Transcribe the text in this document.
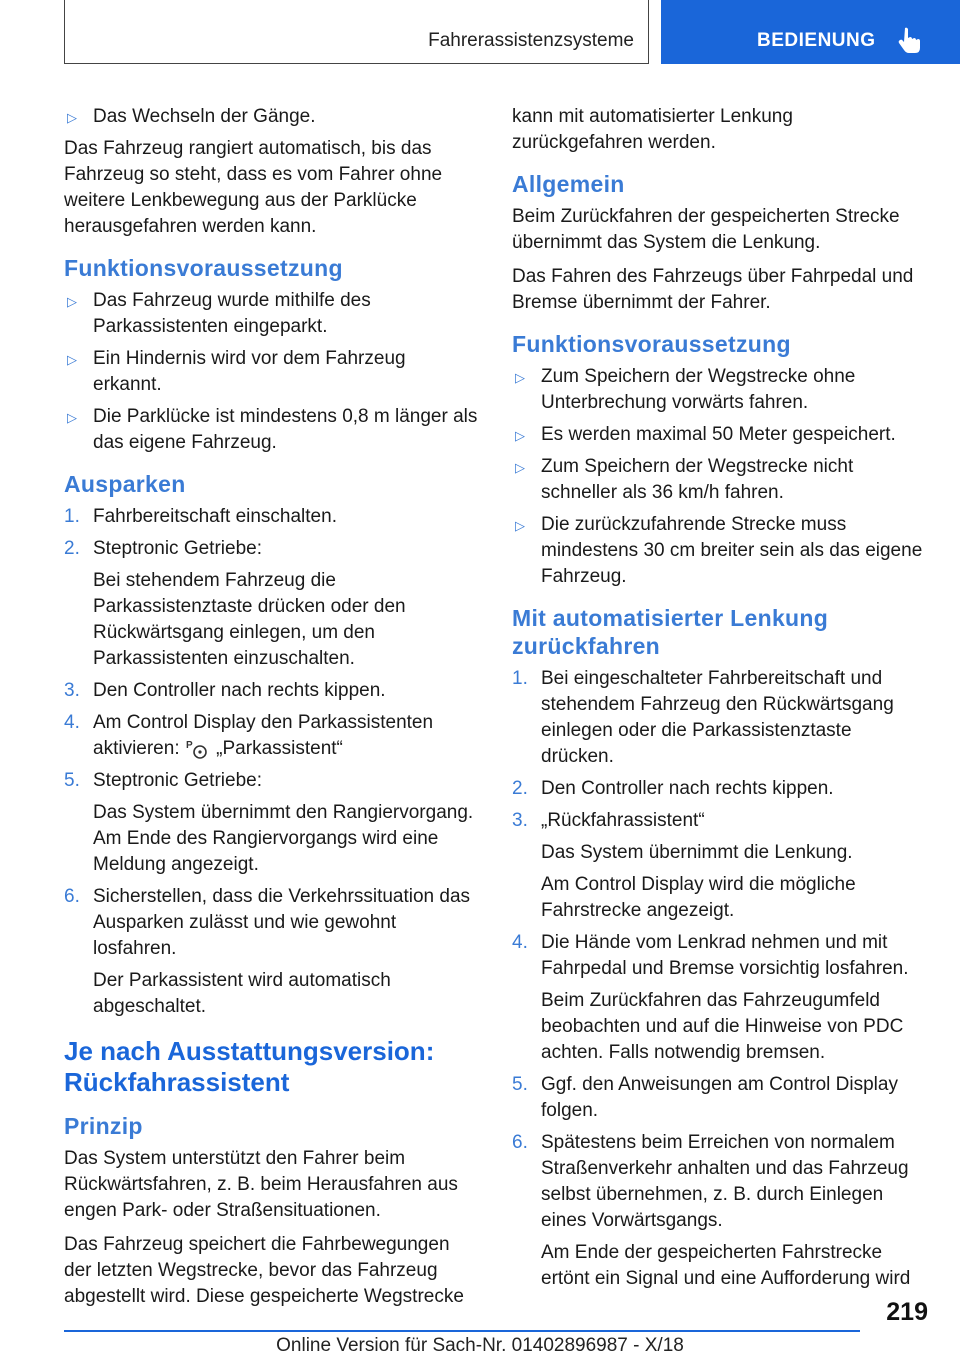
Fahrerassistenzsysteme	BEDIENUNG
▷ Das Wechseln der Gänge.

Das Fahrzeug rangiert automatisch, bis das Fahrzeug so steht, dass es vom Fahrer ohne weitere Lenkbewegung aus der Parklücke herausgefahren werden kann.

Funktionsvoraussetzung
▷ Das Fahrzeug wurde mithilfe des Parkassistenten eingeparkt.
▷ Ein Hindernis wird vor dem Fahrzeug erkannt.
▷ Die Parklücke ist mindestens 0,8 m länger als das eigene Fahrzeug.
Ausparken
1. Fahrbereitschaft einschalten.
2. Steptronic Getriebe:
Bei stehendem Fahrzeug die Parkassistenztaste drücken oder den Rückwärtsgang einlegen, um den Parkassistenten einzuschalten.
3. Den Controller nach rechts kippen.
4. Am Control Display den Parkassistenten aktivieren: P „Parkassistent“
5. Steptronic Getriebe:
Das System übernimmt den Rangiervorgang. Am Ende des Rangiervorgangs wird eine Meldung angezeigt.
6. Sicherstellen, dass die Verkehrssituation das Ausparken zulässt und wie gewohnt losfahren.
Der Parkassistent wird automatisch abgeschaltet.
Je nach Ausstattungsversion: Rückfahrassistent
Prinzip

Das System unterstützt den Fahrer beim Rückwärtsfahren, z. B. beim Herausfahren aus engen Park- oder Straßensituationen.

Das Fahrzeug speichert die Fahrbewegungen der letzten Wegstrecke, bevor das Fahrzeug abgestellt wird. Diese gespeicherte Wegstrecke

kann mit automatisierter Lenkung zurückgefahren werden.

Allgemein

Beim Zurückfahren der gespeicherten Strecke übernimmt das System die Lenkung.

Das Fahren des Fahrzeugs über Fahrpedal und Bremse übernimmt der Fahrer.

Funktionsvoraussetzung
▷ Zum Speichern der Wegstrecke ohne Unterbrechung vorwärts fahren.
▷ Es werden maximal 50 Meter gespeichert.
▷ Zum Speichern der Wegstrecke nicht schneller als 36 km/h fahren.
▷ Die zurückzufahrende Strecke muss mindestens 30 cm breiter sein als das eigene Fahrzeug.
Mit automatisierter Lenkung zurückfahren
1. Bei eingeschalteter Fahrbereitschaft und stehendem Fahrzeug den Rückwärtsgang einlegen oder die Parkassistenztaste drücken.
2. Den Controller nach rechts kippen.
3. „Rückfahrassistent“
Das System übernimmt die Lenkung.
Am Control Display wird die mögliche Fahrstrecke angezeigt.
4. Die Hände vom Lenkrad nehmen und mit Fahrpedal und Bremse vorsichtig losfahren.
Beim Zurückfahren das Fahrzeugumfeld beobachten und auf die Hinweise von PDC achten. Falls notwendig bremsen.
5. Ggf. den Anweisungen am Control Display folgen.
6. Spätestens beim Erreichen von normalem Straßenverkehr anhalten und das Fahrzeug selbst übernehmen, z. B. durch Einlegen eines Vorwärtsgangs.
Am Ende der gespeicherten Fahrstrecke ertönt ein Signal und eine Aufforderung wird
219
Online Version für Sach-Nr. 01402896987 - X/18
